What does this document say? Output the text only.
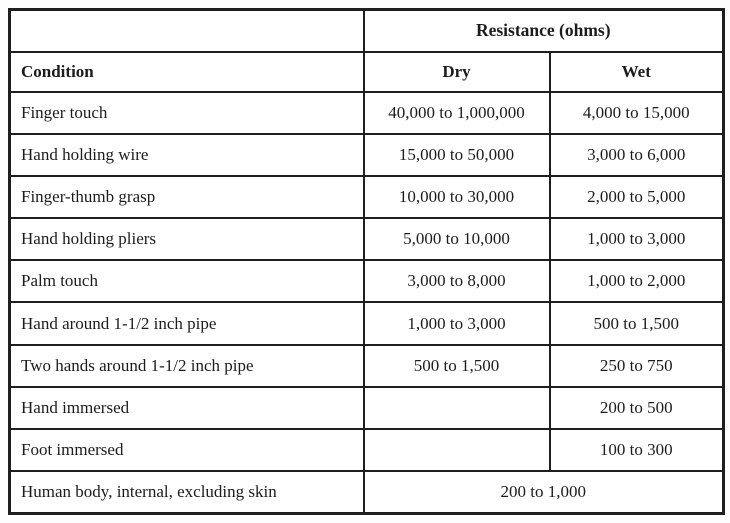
	Resistance (ohms)	
Condition	Dry	Wet
Finger touch	40,000 to 1,000,000	4,000 to 15,000
Hand holding wire	15,000 to 50,000	3,000 to 6,000
Finger-thumb grasp	10,000 to 30,000	2,000 to 5,000
Hand holding pliers	5,000 to 10,000	1,000 to 3,000
Palm touch	3,000 to 8,000	1,000 to 2,000
Hand around 1-1/2 inch pipe	1,000 to 3,000	500 to 1,500
Two hands around 1-1/2 inch pipe	500 to 1,500	250 to 750
Hand immersed		200 to 500
Foot immersed		100 to 300
Human body, internal, excluding skin	200 to 1,000	
